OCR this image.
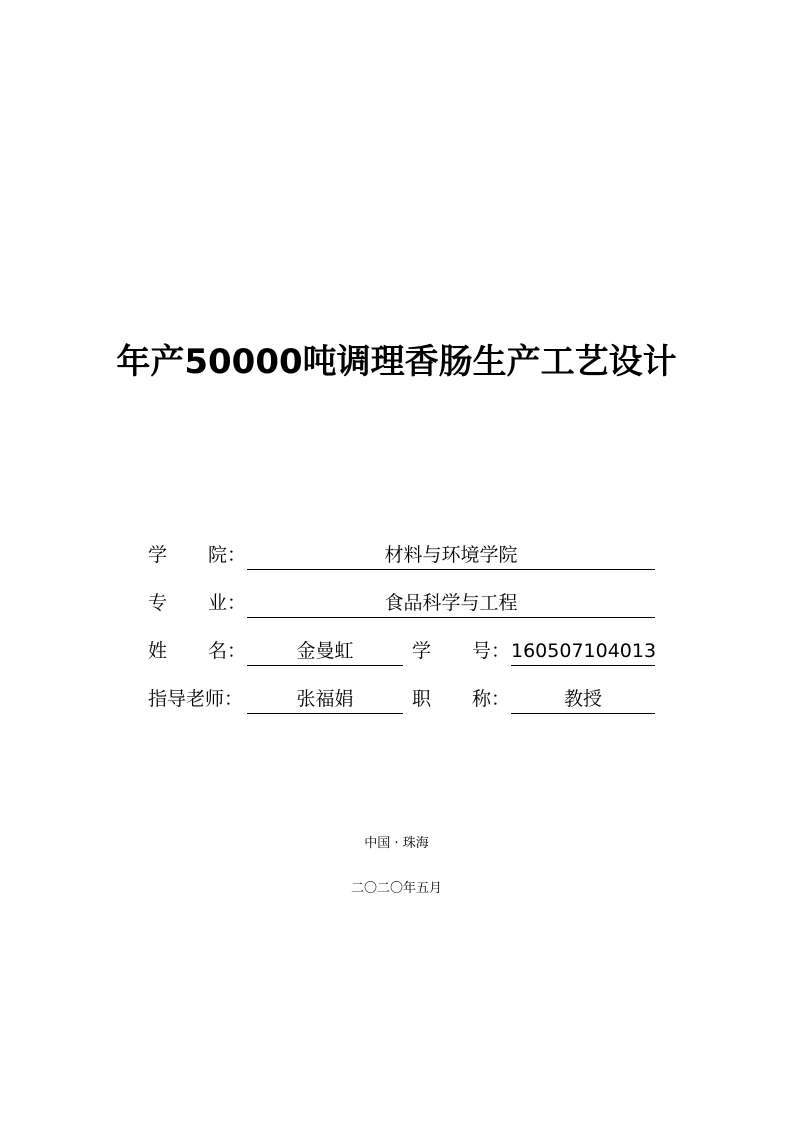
年产50000吨调理香肠生产工艺设计
学 院：	材料与环境学院
专 业：	食品科学与工程
姓 名：	金曼虹	学 号： 160507104013
指导老师：	张福娟	职 称：	教授
中国 · 珠海
二〇二〇年五月
